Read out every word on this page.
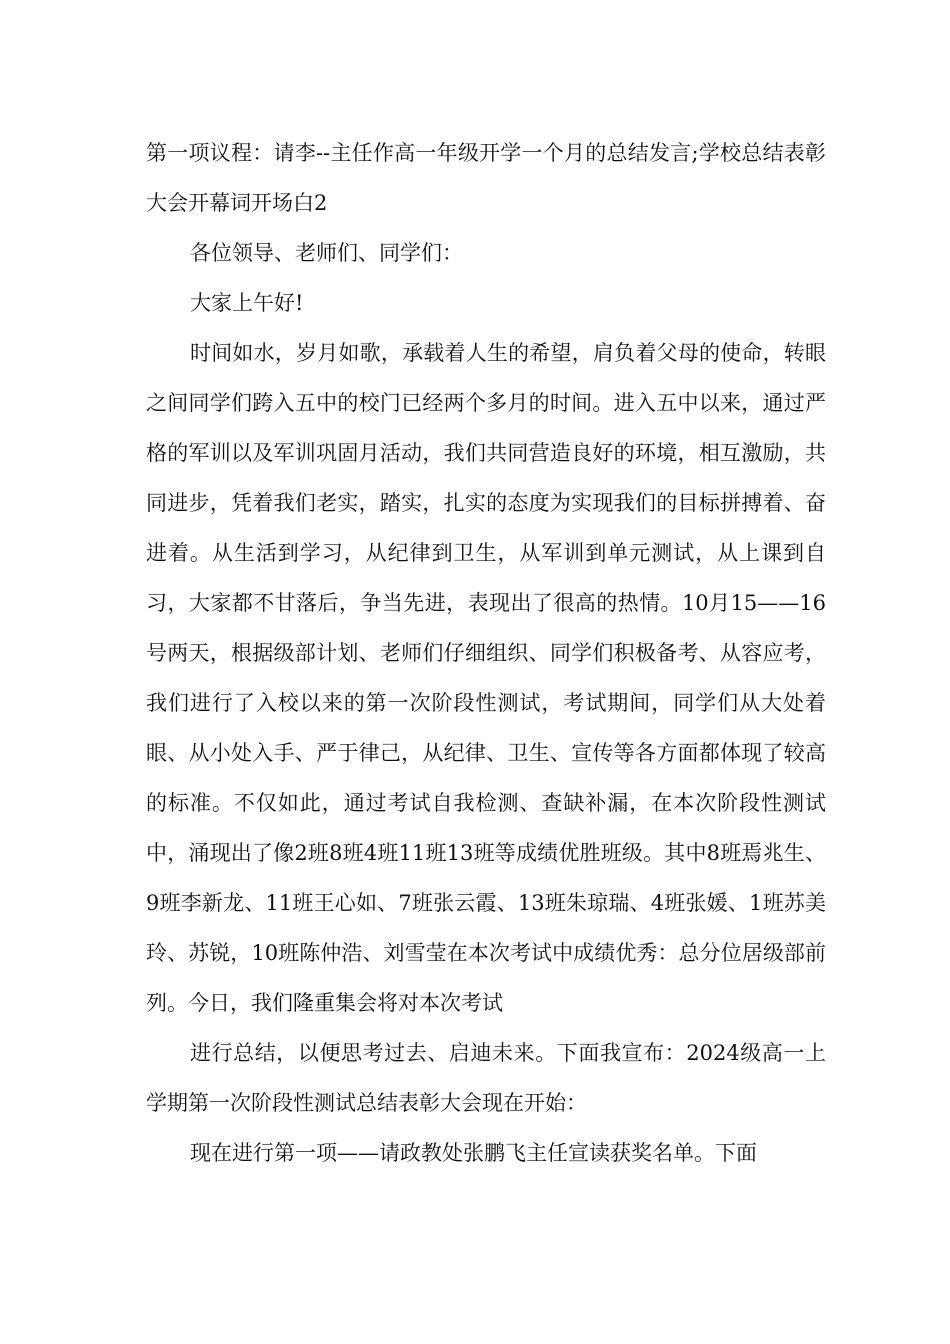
第一项议程：请李--主任作高一年级开学一个月的总结发言;学校总结表彰大会开幕词开场白2

各位领导、老师们、同学们：

大家上午好!

时间如水，岁月如歌，承载着人生的希望，肩负着父母的使命，转眼之间同学们跨入五中的校门已经两个多月的时间。进入五中以来，通过严格的军训以及军训巩固月活动，我们共同营造良好的环境，相互激励，共同进步，凭着我们老实，踏实，扎实的态度为实现我们的目标拼搏着、奋进着。从生活到学习，从纪律到卫生，从军训到单元测试，从上课到自习，大家都不甘落后，争当先进，表现出了很高的热情。10月15——16号两天，根据级部计划、老师们仔细组织、同学们积极备考、从容应考，我们进行了入校以来的第一次阶段性测试，考试期间，同学们从大处着眼、从小处入手、严于律己，从纪律、卫生、宣传等各方面都体现了较高的标准。不仅如此，通过考试自我检测、查缺补漏，在本次阶段性测试中，涌现出了像2班8班4班11班13班等成绩优胜班级。其中8班焉兆生、9班李新龙、11班王心如、7班张云霞、13班朱琼瑞、4班张媛、1班苏美玲、苏锐，10班陈仲浩、刘雪莹在本次考试中成绩优秀：总分位居级部前列。今日，我们隆重集会将对本次考试

进行总结，以便思考过去、启迪未来。下面我宣布：2024级高一上学期第一次阶段性测试总结表彰大会现在开始：

现在进行第一项——请政教处张鹏飞主任宣读获奖名单。下面
